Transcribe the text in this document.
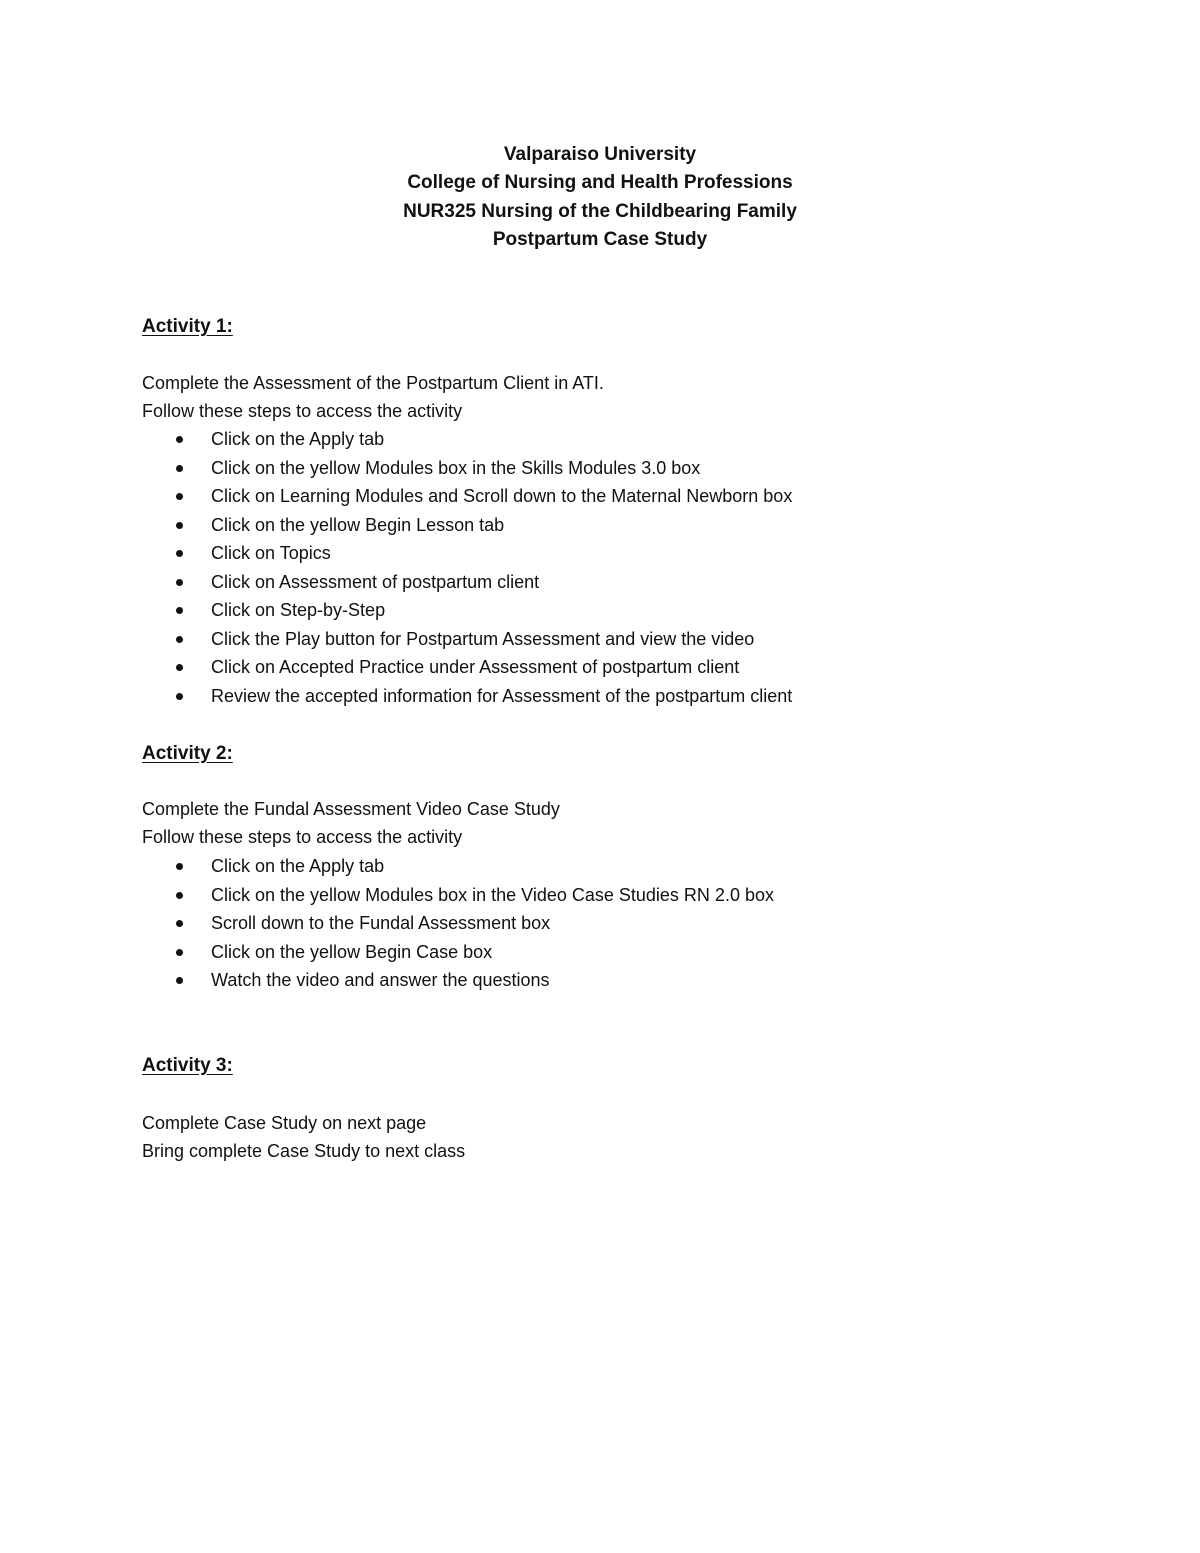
Valparaiso University
College of Nursing and Health Professions
NUR325 Nursing of the Childbearing Family
Postpartum Case Study
Activity 1:
Complete the Assessment of the Postpartum Client in ATI.
Follow these steps to access the activity
Click on the Apply tab
Click on the yellow Modules box in the Skills Modules 3.0 box
Click on Learning Modules and Scroll down to the Maternal Newborn box
Click on the yellow Begin Lesson tab
Click on Topics
Click on Assessment of postpartum client
Click on Step-by-Step
Click the Play button for Postpartum Assessment and view the video
Click on Accepted Practice under Assessment of postpartum client
Review the accepted information for Assessment of the postpartum client
Activity 2:
Complete the Fundal Assessment Video Case Study
Follow these steps to access the activity
Click on the Apply tab
Click on the yellow Modules box in the Video Case Studies RN 2.0 box
Scroll down to the Fundal Assessment box
Click on the yellow Begin Case box
Watch the video and answer the questions
Activity 3:
Complete Case Study on next page
Bring complete Case Study to next class
